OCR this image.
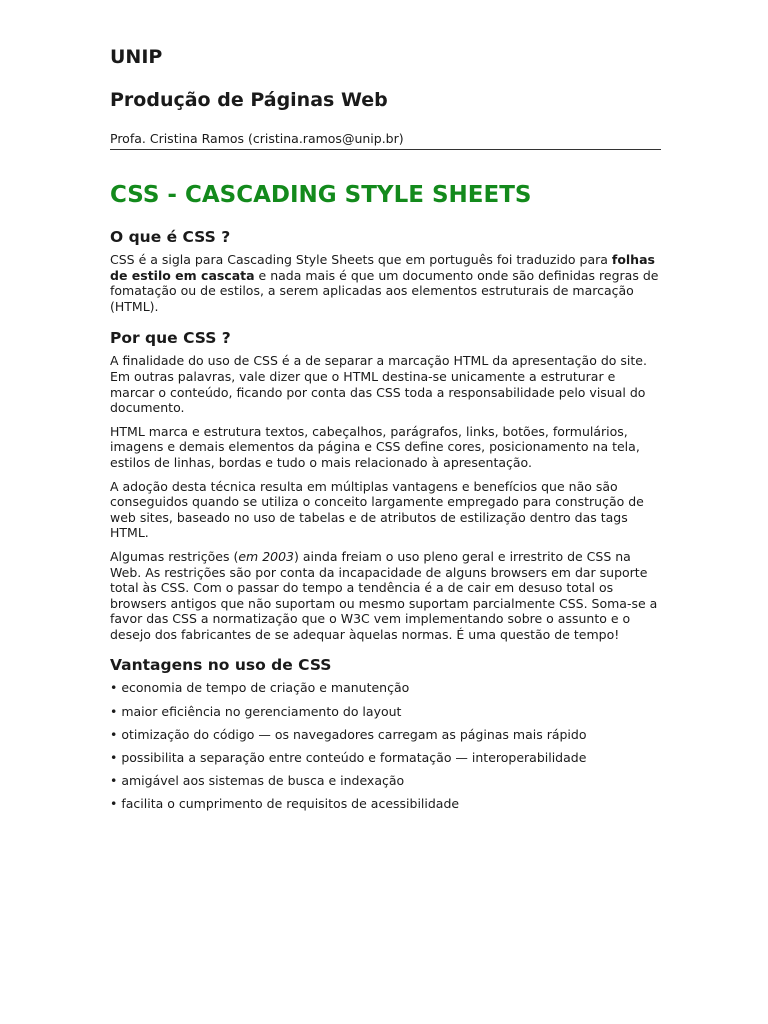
UNIP
Produção de Páginas Web

Profa. Cristina Ramos (cristina.ramos@unip.br)

CSS - CASCADING STYLE SHEETS
O que é CSS ?

CSS é a sigla para Cascading Style Sheets que em português foi traduzido para folhas de estilo em cascata e nada mais é que um documento onde são definidas regras de fomatação ou de estilos, a serem aplicadas aos elementos estruturais de marcação (HTML).

Por que CSS ?

A finalidade do uso de CSS é a de separar a marcação HTML da apresentação do site. Em outras palavras, vale dizer que o HTML destina-se unicamente a estruturar e marcar o conteúdo, ficando por conta das CSS toda a responsabilidade pelo visual do documento.

HTML marca e estrutura textos, cabeçalhos, parágrafos, links, botões, formulários, imagens e demais elementos da página e CSS define cores, posicionamento na tela, estilos de linhas, bordas e tudo o mais relacionado à apresentação.

A adoção desta técnica resulta em múltiplas vantagens e benefícios que não são conseguidos quando se utiliza o conceito largamente empregado para construção de web sites, baseado no uso de tabelas e de atributos de estilização dentro das tags HTML.

Algumas restrições (em 2003) ainda freiam o uso pleno geral e irrestrito de CSS na Web. As restrições são por conta da incapacidade de alguns browsers em dar suporte total às CSS. Com o passar do tempo a tendência é a de cair em desuso total os browsers antigos que não suportam ou mesmo suportam parcialmente CSS. Soma-se a favor das CSS a normatização que o W3C vem implementando sobre o assunto e o desejo dos fabricantes de se adequar àquelas normas. É uma questão de tempo!

Vantagens no uso de CSS
• economia de tempo de criação e manutenção
• maior eficiência no gerenciamento do layout
• otimização do código — os navegadores carregam as páginas mais rápido
• possibilita a separação entre conteúdo e formatação — interoperabilidade
• amigável aos sistemas de busca e indexação
• facilita o cumprimento de requisitos de acessibilidade
